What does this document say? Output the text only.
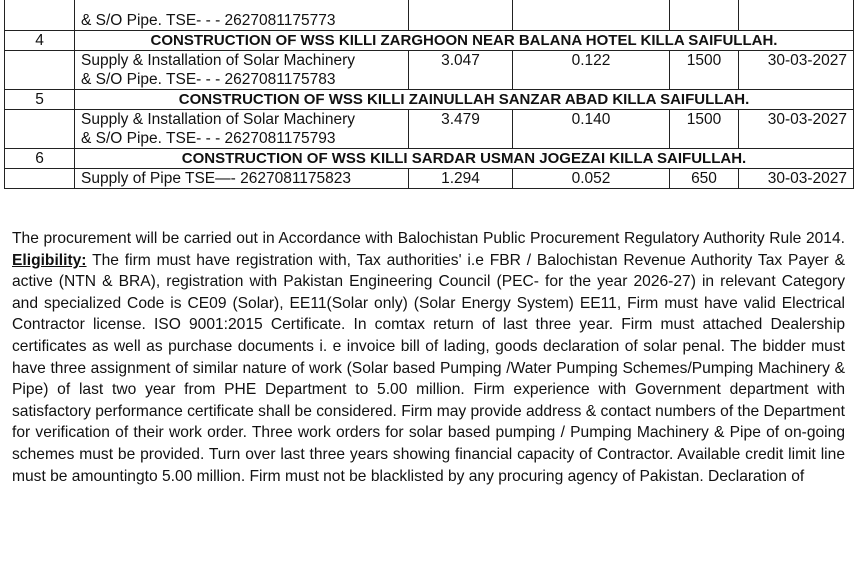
	& S/O Pipe. TSE- - - 2627081175773				

4	CONSTRUCTION OF WSS KILLI ZARGHOON NEAR BALANA HOTEL KILLA SAIFULLAH.				

	Supply & Installation of Solar Machinery
& S/O Pipe. TSE- - - 2627081175783	3.047	0.122	1500	30-03-2027
5	CONSTRUCTION OF WSS KILLI ZAINULLAH SANZAR ABAD KILLA SAIFULLAH.				

	Supply & Installation of Solar Machinery
& S/O Pipe. TSE- - - 2627081175793	3.479	0.140	1500	30-03-2027
6	CONSTRUCTION OF WSS KILLI SARDAR USMAN JOGEZAI KILLA SAIFULLAH.				

	Supply of Pipe TSE—- 2627081175823	1.294	0.052	650	30-03-2027
The procurement will be carried out in Accordance with Balochistan Public Procurement Regulatory Authority Rule 2014. Eligibility: The firm must have registration with, Tax authorities' i.e FBR / Balochistan Revenue Authority Tax Payer & active (NTN & BRA), registration with Pakistan Engineering Council (PEC- for the year 2026-27) in relevant Category and specialized Code is CE09 (Solar), EE11(Solar only) (Solar Energy System) EE11, Firm must have valid Electrical Contractor license. ISO 9001:2015 Certificate. In comtax return of last three year. Firm must attached Dealership certificates as well as purchase documents i. e invoice bill of lading, goods declaration of solar penal. The bidder must have three assignment of similar nature of work (Solar based Pumping /Water Pumping Schemes/Pumping Machinery & Pipe) of last two year from PHE Department to 5.00 million. Firm experience with Government department with satisfactory performance certificate shall be considered. Firm may provide address & contact numbers of the Department for verification of their work order. Three work orders for solar based pumping / Pumping Machinery & Pipe of on-going schemes must be provided. Turn over last three years showing financial capacity of Contractor. Available credit limit line must be amountingto 5.00 million. Firm must not be blacklisted by any procuring agency of Pakistan. Declaration of
